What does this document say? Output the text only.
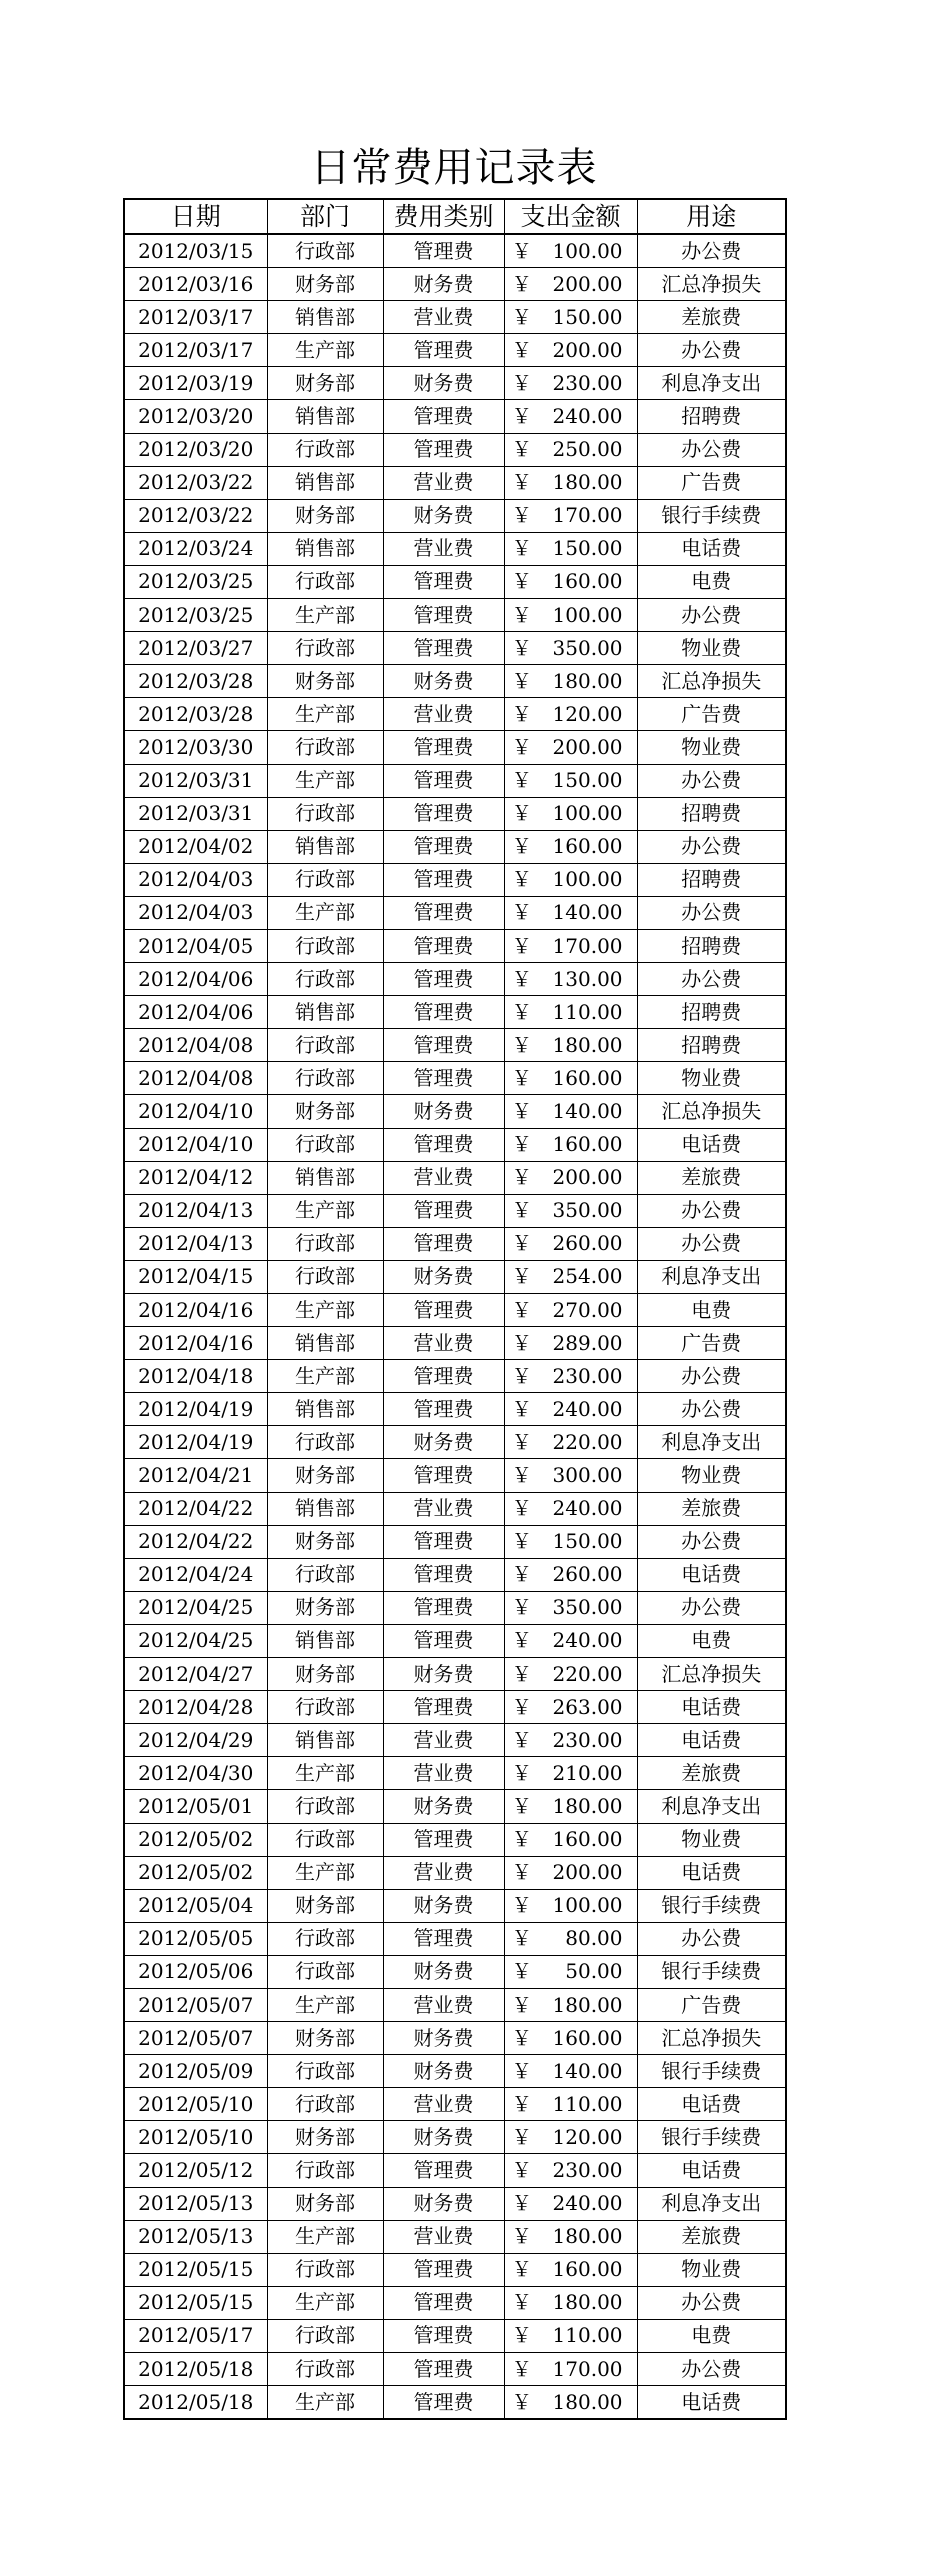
日常费用记录表
日期	部门	费用类别	支出金额		用途
2012/03/15	行政部	管理费	￥	100.00	办公费
2012/03/16	财务部	财务费	￥	200.00	汇总净损失
2012/03/17	销售部	营业费	￥	150.00	差旅费
2012/03/17	生产部	管理费	￥	200.00	办公费
2012/03/19	财务部	财务费	￥	230.00	利息净支出
2012/03/20	销售部	管理费	￥	240.00	招聘费
2012/03/20	行政部	管理费	￥	250.00	办公费
2012/03/22	销售部	营业费	￥	180.00	广告费
2012/03/22	财务部	财务费	￥	170.00	银行手续费
2012/03/24	销售部	营业费	￥	150.00	电话费
2012/03/25	行政部	管理费	￥	160.00	电费
2012/03/25	生产部	管理费	￥	100.00	办公费
2012/03/27	行政部	管理费	￥	350.00	物业费
2012/03/28	财务部	财务费	￥	180.00	汇总净损失
2012/03/28	生产部	营业费	￥	120.00	广告费
2012/03/30	行政部	管理费	￥	200.00	物业费
2012/03/31	生产部	管理费	￥	150.00	办公费
2012/03/31	行政部	管理费	￥	100.00	招聘费
2012/04/02	销售部	管理费	￥	160.00	办公费
2012/04/03	行政部	管理费	￥	100.00	招聘费
2012/04/03	生产部	管理费	￥	140.00	办公费
2012/04/05	行政部	管理费	￥	170.00	招聘费
2012/04/06	行政部	管理费	￥	130.00	办公费
2012/04/06	销售部	管理费	￥	110.00	招聘费
2012/04/08	行政部	管理费	￥	180.00	招聘费
2012/04/08	行政部	管理费	￥	160.00	物业费
2012/04/10	财务部	财务费	￥	140.00	汇总净损失
2012/04/10	行政部	管理费	￥	160.00	电话费
2012/04/12	销售部	营业费	￥	200.00	差旅费
2012/04/13	生产部	管理费	￥	350.00	办公费
2012/04/13	行政部	管理费	￥	260.00	办公费
2012/04/15	行政部	财务费	￥	254.00	利息净支出
2012/04/16	生产部	管理费	￥	270.00	电费
2012/04/16	销售部	营业费	￥	289.00	广告费
2012/04/18	生产部	管理费	￥	230.00	办公费
2012/04/19	销售部	管理费	￥	240.00	办公费
2012/04/19	行政部	财务费	￥	220.00	利息净支出
2012/04/21	财务部	管理费	￥	300.00	物业费
2012/04/22	销售部	营业费	￥	240.00	差旅费
2012/04/22	财务部	管理费	￥	150.00	办公费
2012/04/24	行政部	管理费	￥	260.00	电话费
2012/04/25	财务部	管理费	￥	350.00	办公费
2012/04/25	销售部	管理费	￥	240.00	电费
2012/04/27	财务部	财务费	￥	220.00	汇总净损失
2012/04/28	行政部	管理费	￥	263.00	电话费
2012/04/29	销售部	营业费	￥	230.00	电话费
2012/04/30	生产部	营业费	￥	210.00	差旅费
2012/05/01	行政部	财务费	￥	180.00	利息净支出
2012/05/02	行政部	管理费	￥	160.00	物业费
2012/05/02	生产部	营业费	￥	200.00	电话费
2012/05/04	财务部	财务费	￥	100.00	银行手续费
2012/05/05	行政部	管理费	￥	80.00	办公费
2012/05/06	行政部	财务费	￥	50.00	银行手续费
2012/05/07	生产部	营业费	￥	180.00	广告费
2012/05/07	财务部	财务费	￥	160.00	汇总净损失
2012/05/09	行政部	财务费	￥	140.00	银行手续费
2012/05/10	行政部	营业费	￥	110.00	电话费
2012/05/10	财务部	财务费	￥	120.00	银行手续费
2012/05/12	行政部	管理费	￥	230.00	电话费
2012/05/13	财务部	财务费	￥	240.00	利息净支出
2012/05/13	生产部	营业费	￥	180.00	差旅费
2012/05/15	行政部	管理费	￥	160.00	物业费
2012/05/15	生产部	管理费	￥	180.00	办公费
2012/05/17	行政部	管理费	￥	110.00	电费
2012/05/18	行政部	管理费	￥	170.00	办公费
2012/05/18	生产部	管理费	￥	180.00	电话费
